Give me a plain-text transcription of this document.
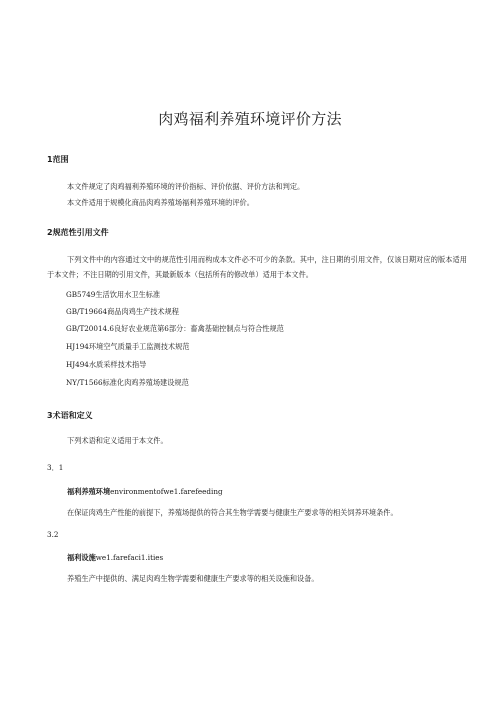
肉鸡福利养殖环境评价方法
1范围
本文件规定了肉鸡福利养殖环境的评价指标、评价依据、评价方法和判定。
本文件适用于规模化商品肉鸡养殖场福利养殖环境的评价。
2规范性引用文件
下列文件中的内容通过文中的规范性引用而构成本文件必不可少的条款。其中，注日期的引用文件，仅该日期对应的版本适用于本文件；不注日期的引用文件，其最新版本（包括所有的修改单）适用于本文件。
GB5749生活饮用水卫生标准
GB/T19664商品肉鸡生产技术规程
GB/T20014.6良好农业规范第6部分：畜禽基础控制点与符合性规范
HJ194环境空气质量手工监测技术规范
HJ494水质采样技术指导
NY/T1566标准化肉鸡养殖场建设规范
3术语和定义
下列术语和定义适用于本文件。
3．1
福利养殖环境environmentofwe1.farefeeding
在保证肉鸡生产性能的前提下，养殖场提供的符合其生物学需要与健康生产要求等的相关饲养环境条件。
3.2
福利设施we1.farefaci1.ities
养殖生产中提供的、满足肉鸡生物学需要和健康生产要求等的相关设施和设备。
